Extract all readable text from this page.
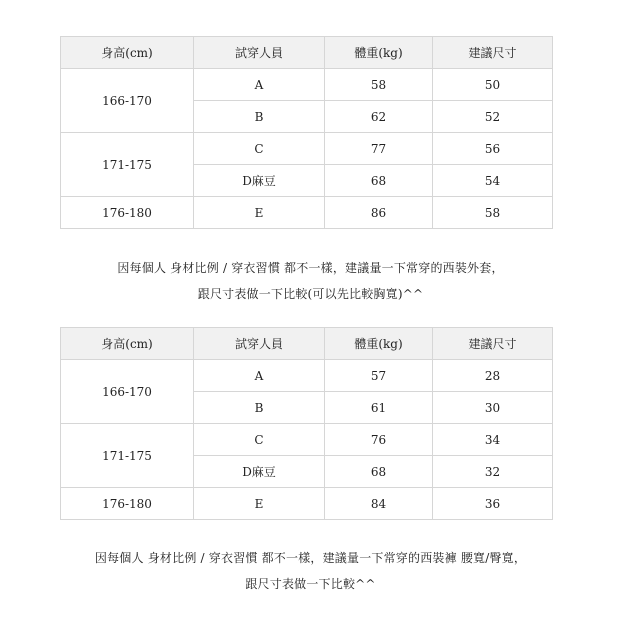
身高(cm)	試穿人員	體重(kg)	建議尺寸
166-170	A	58	50
	B	62	52
171-175	C	77	56
	D麻豆	68	54
176-180	E	86	58
因每個人 身材比例 / 穿衣習慣 都不一樣，建議量一下常穿的西裝外套，
跟尺寸表做一下比較(可以先比較胸寬)^^
身高(cm)	試穿人員	體重(kg)	建議尺寸
166-170	A	57	28
	B	61	30
171-175	C	76	34
	D麻豆	68	32
176-180	E	84	36
因每個人 身材比例 / 穿衣習慣 都不一樣，建議量一下常穿的西裝褲 腰寬/臀寬，
跟尺寸表做一下比較^^
